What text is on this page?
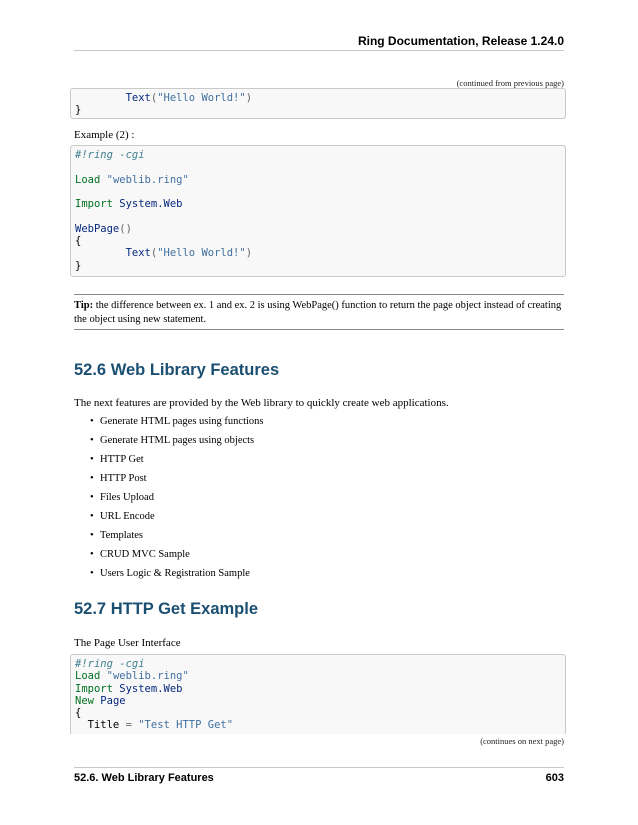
Ring Documentation, Release 1.24.0
(continued from previous page)
Text("Hello World!")
}
Example (2) :
#!ring -cgi
Load "weblib.ring"
Import System.Web
WebPage()
{
Text("Hello World!")
}
Tip: the difference between ex. 1 and ex. 2 is using WebPage() function to return the page object instead of creating the object using new statement.
52.6 Web Library Features
The next features are provided by the Web library to quickly create web applications.
• Generate HTML pages using functions
• Generate HTML pages using objects
• HTTP Get
• HTTP Post
• Files Upload
• URL Encode
• Templates
• CRUD MVC Sample
• Users Logic & Registration Sample
52.7 HTTP Get Example
The Page User Interface
#!ring -cgi
Load "weblib.ring"
Import System.Web
New Page
{
Title = "Test HTTP Get"
(continues on next page)
52.6. Web Library Features	603
